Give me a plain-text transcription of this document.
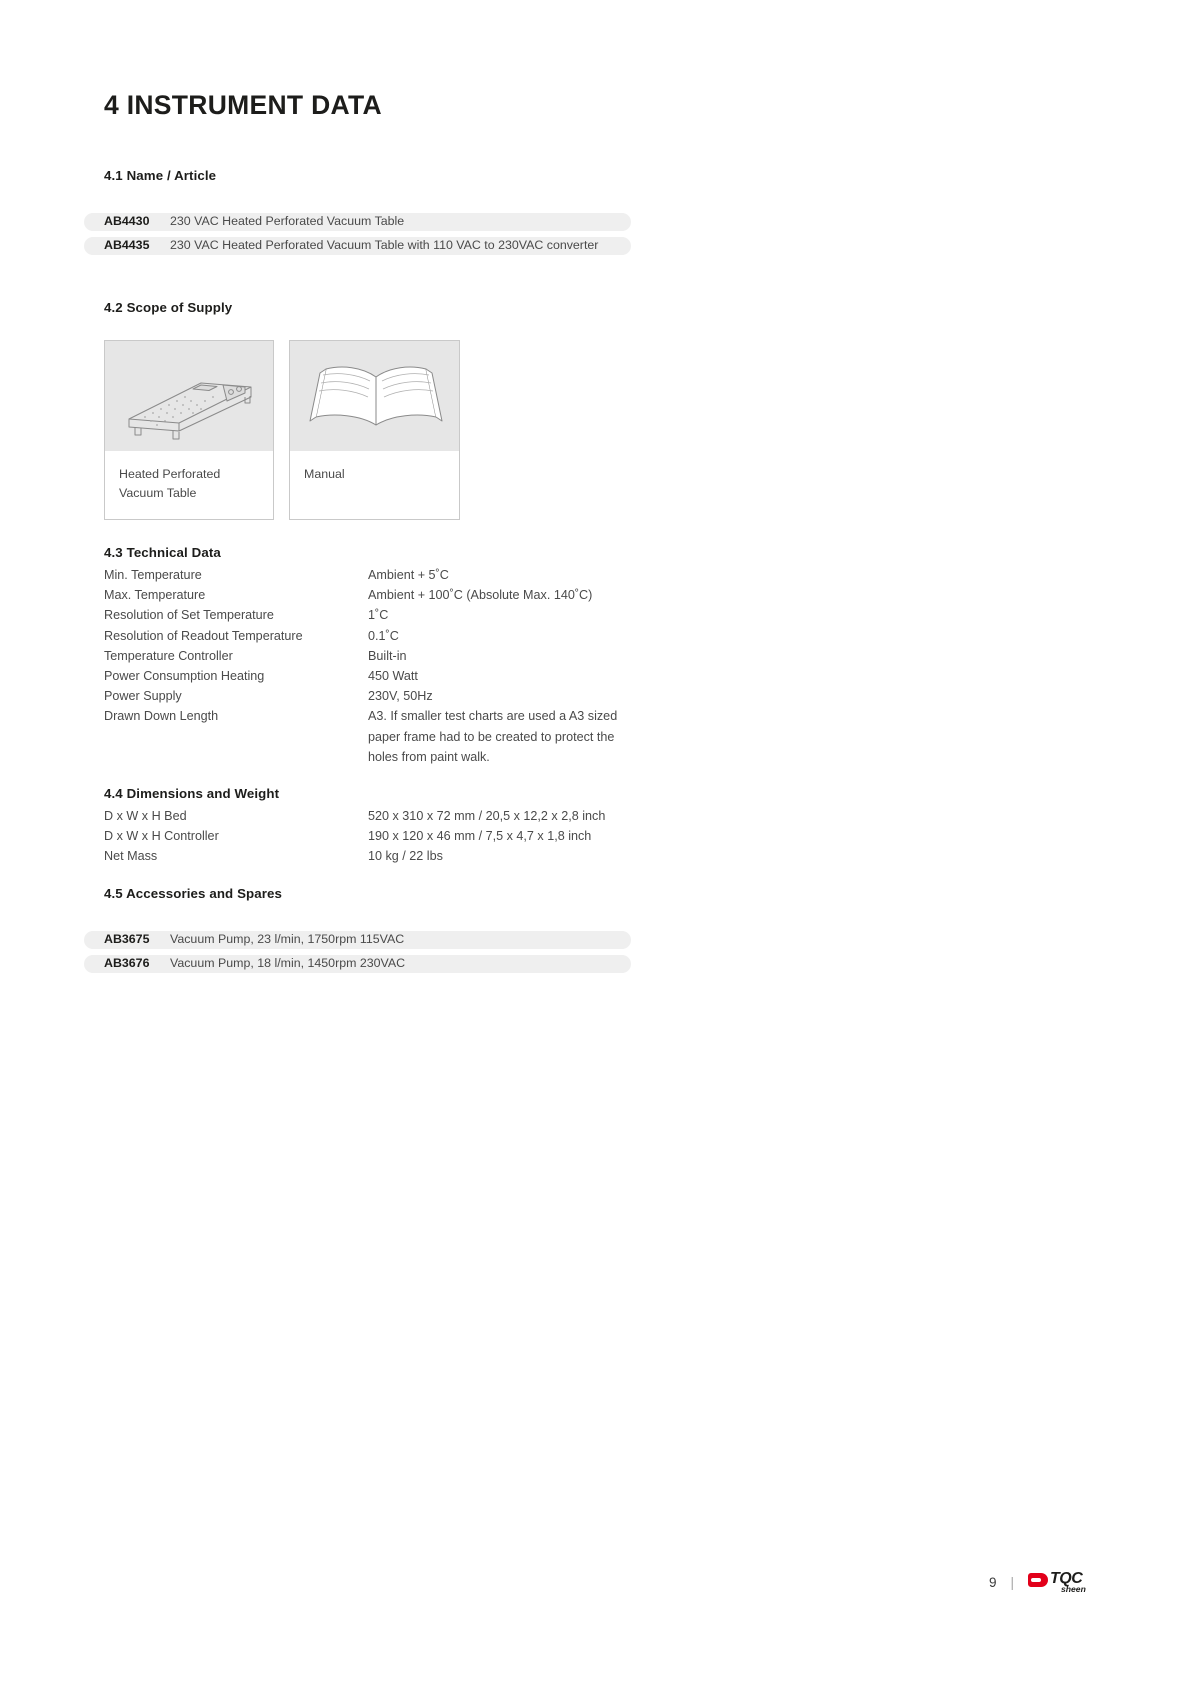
4 INSTRUMENT DATA
4.1 Name / Article
AB4430 230 VAC Heated Perforated Vacuum Table
AB4435 230 VAC Heated Perforated Vacuum Table with 110 VAC to 230VAC converter
4.2 Scope of Supply
Heated Perforated Vacuum Table
Manual
4.3 Technical Data
Min. Temperature	Ambient + 5˚C
Max. Temperature	Ambient + 100˚C (Absolute Max. 140˚C)
Resolution of Set Temperature	1˚C
Resolution of Readout Temperature	0.1˚C
Temperature Controller	Built-in
Power Consumption Heating	450 Watt
Power Supply	230V, 50Hz
Drawn Down Length	A3. If smaller test charts are used a A3 sized paper frame had to be created to protect the holes from paint walk.
4.4 Dimensions and Weight
D x W x H Bed	520 x 310 x 72 mm / 20,5 x 12,2 x 2,8 inch
D x W x H Controller	190 x 120 x 46 mm / 7,5 x 4,7 x 1,8 inch
Net Mass	10 kg / 22 lbs
4.5 Accessories and Spares
AB3675 Vacuum Pump, 23 l/min, 1750rpm 115VAC
AB3676 Vacuum Pump, 18 l/min, 1450rpm 230VAC
9 | TQC
sheen
